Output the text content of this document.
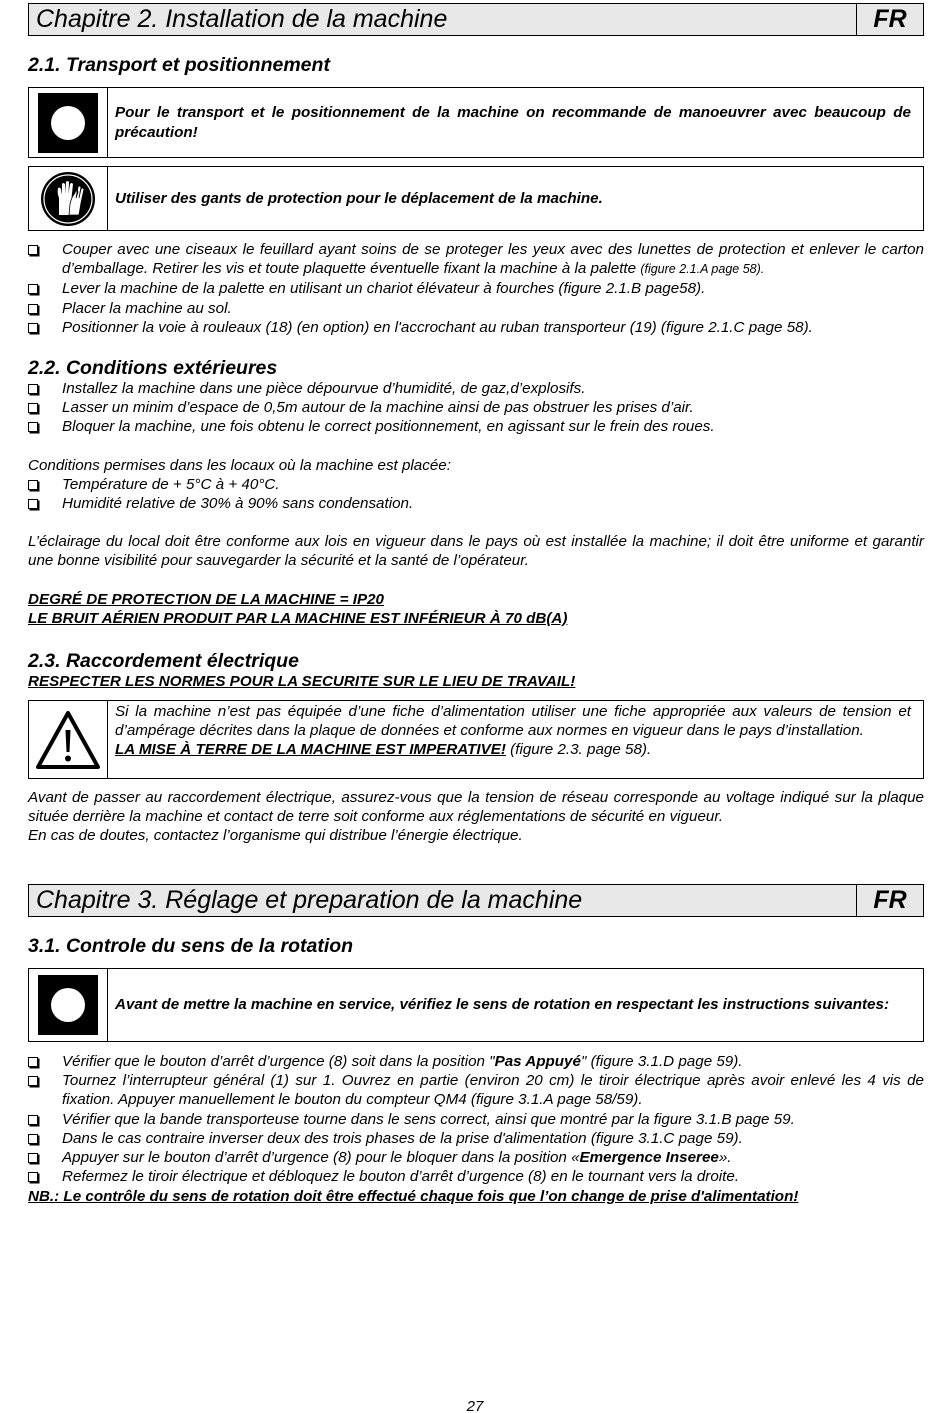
Chapitre 2. Installation de la machine	FR
2.1. Transport et positionnement
Pour le transport et le positionnement de la machine on recommande de manoeuvrer avec beaucoup de précaution!
Utiliser des gants de protection pour le déplacement de la machine.
Couper avec une ciseaux le feuillard ayant soins de se proteger les yeux avec des lunettes de protection et enlever le carton d’emballage. Retirer les vis et toute plaquette éventuelle fixant la machine à la palette (figure 2.1.A page 58).
Lever la machine de la palette en utilisant un chariot élévateur à fourches (figure 2.1.B page58).
Placer la machine au sol.
Positionner la voie à rouleaux (18) (en option) en l'accrochant au ruban transporteur (19) (figure 2.1.C page 58).
2.2. Conditions extérieures
Installez la machine dans une pièce dépourvue d’humidité, de gaz,d’explosifs.
Lasser un minim d’espace de 0,5m autour de la machine ainsi de pas obstruer les prises d’air.
Bloquer la machine, une fois obtenu le correct positionnement, en agissant sur le frein des roues.
Conditions permises dans les locaux où la machine est placée:
Température de + 5°C à + 40°C.
Humidité relative de 30% à 90% sans condensation.
L’éclairage du local doit être conforme aux lois en vigueur dans le pays où est installée la machine; il doit être uniforme et garantir une bonne visibilité pour sauvegarder la sécurité et la santé de l’opérateur.
DEGRÉ DE PROTECTION DE LA MACHINE = IP20
LE BRUIT AÉRIEN PRODUIT PAR LA MACHINE EST INFÉRIEUR À 70 dB(A)
2.3. Raccordement électrique
RESPECTER LES NORMES POUR LA SECURITE SUR LE LIEU DE TRAVAIL!
Si la machine n’est pas équipée d’une fiche d’alimentation utiliser une fiche appropriée aux valeurs de tension et d’ampérage décrites dans la plaque de données et conforme aux normes en vigueur dans le pays d’installation.
LA MISE À TERRE DE LA MACHINE EST IMPERATIVE! (figure 2.3. page 58).
Avant de passer au raccordement électrique, assurez-vous que la tension de réseau corresponde au voltage indiqué sur la plaque située derrière la machine et contact de terre soit conforme aux réglementations de sécurité en vigueur.
En cas de doutes, contactez l’organisme qui distribue l’énergie électrique.
Chapitre 3. Réglage et preparation de la machine	FR
3.1. Controle du sens de la rotation
Avant de mettre la machine en service, vérifiez le sens de rotation en respectant les instructions suivantes:
Vérifier que le bouton d’arrêt d’urgence (8) soit dans la position "Pas Appuyé" (figure 3.1.D page 59).
Tournez l’interrupteur général (1) sur 1. Ouvrez en partie (environ 20 cm) le tiroir électrique après avoir enlevé les 4 vis de fixation. Appuyer manuellement le bouton du compteur QM4 (figure 3.1.A page 58/59).
Vérifier que la bande transporteuse tourne dans le sens correct, ainsi que montré par la figure 3.1.B page 59.
Dans le cas contraire inverser deux des trois phases de la prise d'alimentation (figure 3.1.C page 59).
Appuyer sur le bouton d’arrêt d’urgence (8) pour le bloquer dans la position «Emergence Inseree».
Refermez le tiroir électrique et débloquez le bouton d’arrêt d’urgence (8) en le tournant vers la droite.
NB.: Le contrôle du sens de rotation doit être effectué chaque fois que l’on change de prise d'alimentation!
27
